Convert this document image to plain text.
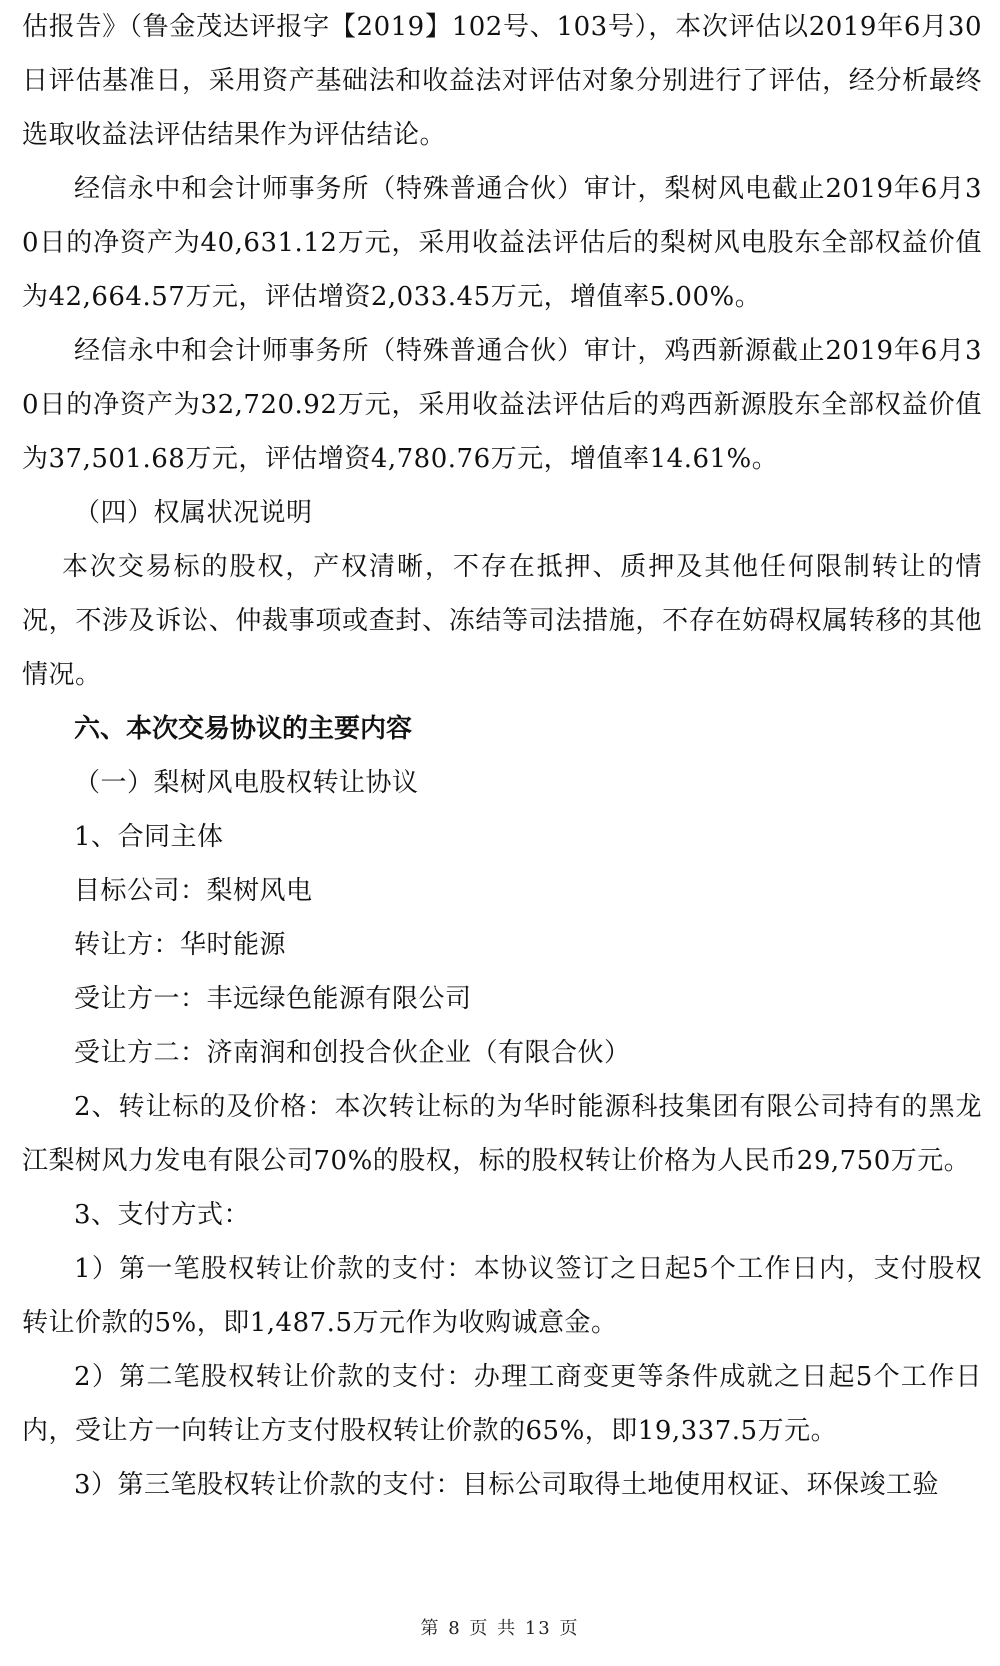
估报告》（鲁金茂达评报字【2019】102号、103号），本次评估以2019年6月30日评估基准日，采用资产基础法和收益法对评估对象分别进行了评估，经分析最终选取收益法评估结果作为评估结论。

经信永中和会计师事务所（特殊普通合伙）审计，梨树风电截止2019年6月30日的净资产为40,631.12万元，采用收益法评估后的梨树风电股东全部权益价值为42,664.57万元，评估增资2,033.45万元，增值率5.00%。

经信永中和会计师事务所（特殊普通合伙）审计，鸡西新源截止2019年6月30日的净资产为32,720.92万元，采用收益法评估后的鸡西新源股东全部权益价值为37,501.68万元，评估增资4,780.76万元，增值率14.61%。

（四）权属状况说明

本次交易标的股权，产权清晰，不存在抵押、质押及其他任何限制转让的情况，不涉及诉讼、仲裁事项或查封、冻结等司法措施，不存在妨碍权属转移的其他情况。

六、本次交易协议的主要内容

（一）梨树风电股权转让协议

1、合同主体

目标公司：梨树风电

转让方：华时能源

受让方一：丰远绿色能源有限公司

受让方二：济南润和创投合伙企业（有限合伙）

2、转让标的及价格：本次转让标的为华时能源科技集团有限公司持有的黑龙江梨树风力发电有限公司70%的股权，标的股权转让价格为人民币29,750万元。

3、支付方式：

1）第一笔股权转让价款的支付：本协议签订之日起5个工作日内，支付股权转让价款的5%，即1,487.5万元作为收购诚意金。

2）第二笔股权转让价款的支付：办理工商变更等条件成就之日起5个工作日内，受让方一向转让方支付股权转让价款的65%，即19,337.5万元。

3）第三笔股权转让价款的支付：目标公司取得土地使用权证、环保竣工验

第 8 页 共 13 页
